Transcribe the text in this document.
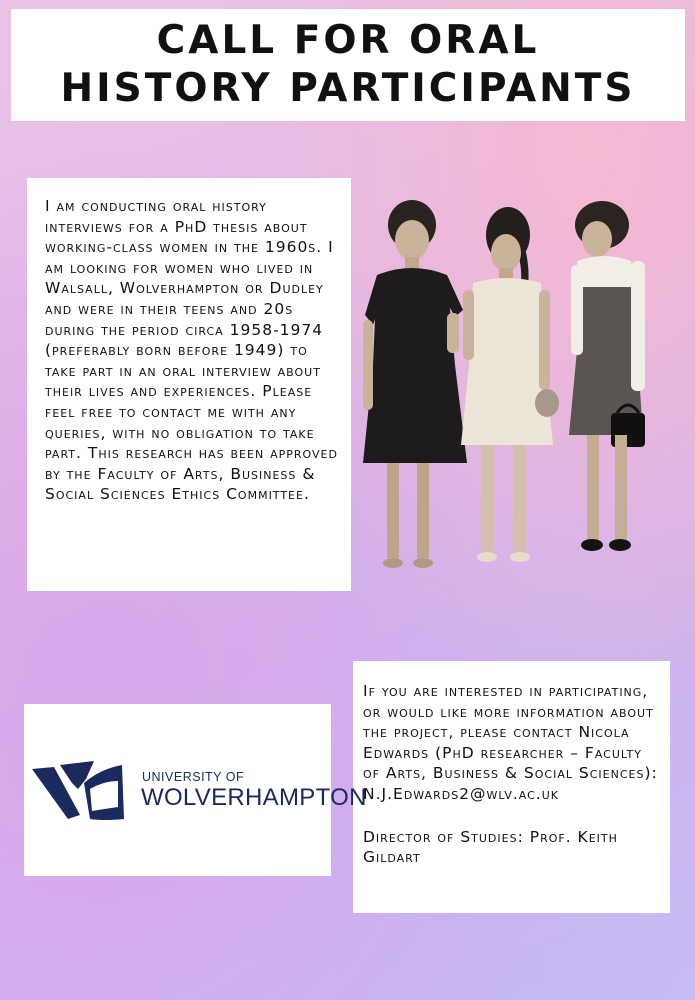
CALL FOR ORAL
HISTORY PARTICIPANTS
I am conducting oral history interviews for a PhD thesis about working-class women in the 1960s. I am looking for women who lived in Walsall, Wolverhampton or Dudley and were in their teens and 20s during the period circa 1958-1974 (preferably born before 1949) to take part in an oral interview about their lives and experiences. Please feel free to contact me with any queries, with no obligation to take part. This research has been approved by the Faculty of Arts, Business & Social Sciences Ethics Committee.

If you are interested in participating, or would like more information about the project, please contact Nicola Edwards (PhD researcher – Faculty of Arts, Business & Social Sciences): N.J.Edwards2@wlv.ac.uk

Director of Studies: Prof. Keith Gildart

UNIVERSITY OF
WOLVERHAMPTON
